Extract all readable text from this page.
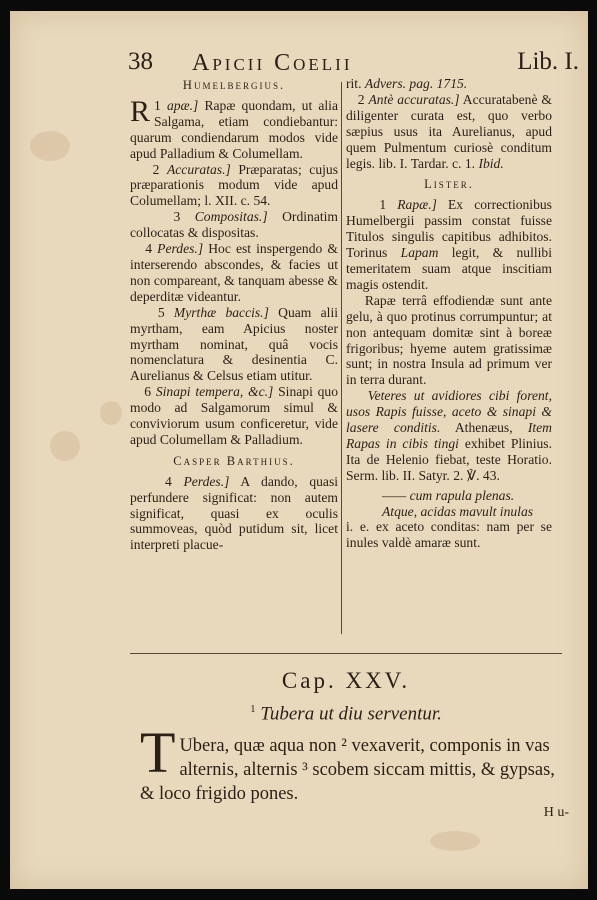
38 Apicii Coelii	Lib. I.
Humelbergius.

1
R apæ.] Rapæ quondam, ut alia Salgama, etiam condiebantur: quarum condiendarum modos vide apud Palladium & Columellam.

2 Accuratas.] Præparatas; cujus præparationis modum vide apud Columellam; l. XII. c. 54.

3 Compositas.] Ordinatim collocatas & dispositas.

4 Perdes.] Hoc est inspergendo & interserendo abscondes, & facies ut non compareant, & tanquam abesse & deperditæ videantur.

5 Myrthæ baccis.] Quam alii myrtham, eam Apicius noster myrtham nominat, quâ vocis nomenclatura & desinentia C. Aurelianus & Celsus etiam utitur.

6 Sinapi tempera, &c.] Sinapi quo modo ad Salgamorum simul & conviviorum usum conficeretur, vide apud Columellam & Palladium.

Casper Barthius.

4 Perdes.] A dando, quasi perfundere significat: non autem significat, quasi ex oculis summoveas, quòd putidum sit, licet interpreti placue-

rit. Advers. pag. 1715.

2 Antè accuratas.] Accuratabenè & diligenter curata est, quo verbo sæpius usus ita Aurelianus, apud quem Pulmentum curiosè conditum legis. lib. I. Tardar. c. 1. Ibid.

Lister.

1 Rapæ.] Ex correctionibus Humelbergii passim constat fuisse Titulos singulis capitibus adhibitos. Torinus Lapam legit, & nullibi temeritatem suam atque inscitiam magis ostendit.

Rapæ terrâ effodiendæ sunt ante gelu, à quo protinus corrumpuntur; at non antequam domitæ sint à boreæ frigoribus; hyeme autem gratissimæ sunt; in nostra Insula ad primum ver in terra durant.

Veteres ut avidiores cibi forent, usos Rapis fuisse, aceto & sinapi & lasere conditis. Athenæus, Item Rapas in cibis tingi exhibet Plinius. Ita de Helenio fiebat, teste Horatio. Serm. lib. II. Satyr. 2. ℣. 43.

—— cum rapula plenas.

Atque, acidas mavult inulas

i. e. ex aceto conditas: nam per se inules valdè amaræ sunt.

Cap. XXV.
$^1$ Tubera ut diu serventur.
T Ubera, quæ aqua non ² vexaverit, componis in vas alternis, alternis ³ scobem siccam mittis, & gypsas, & loco frigido pones.
H u-
